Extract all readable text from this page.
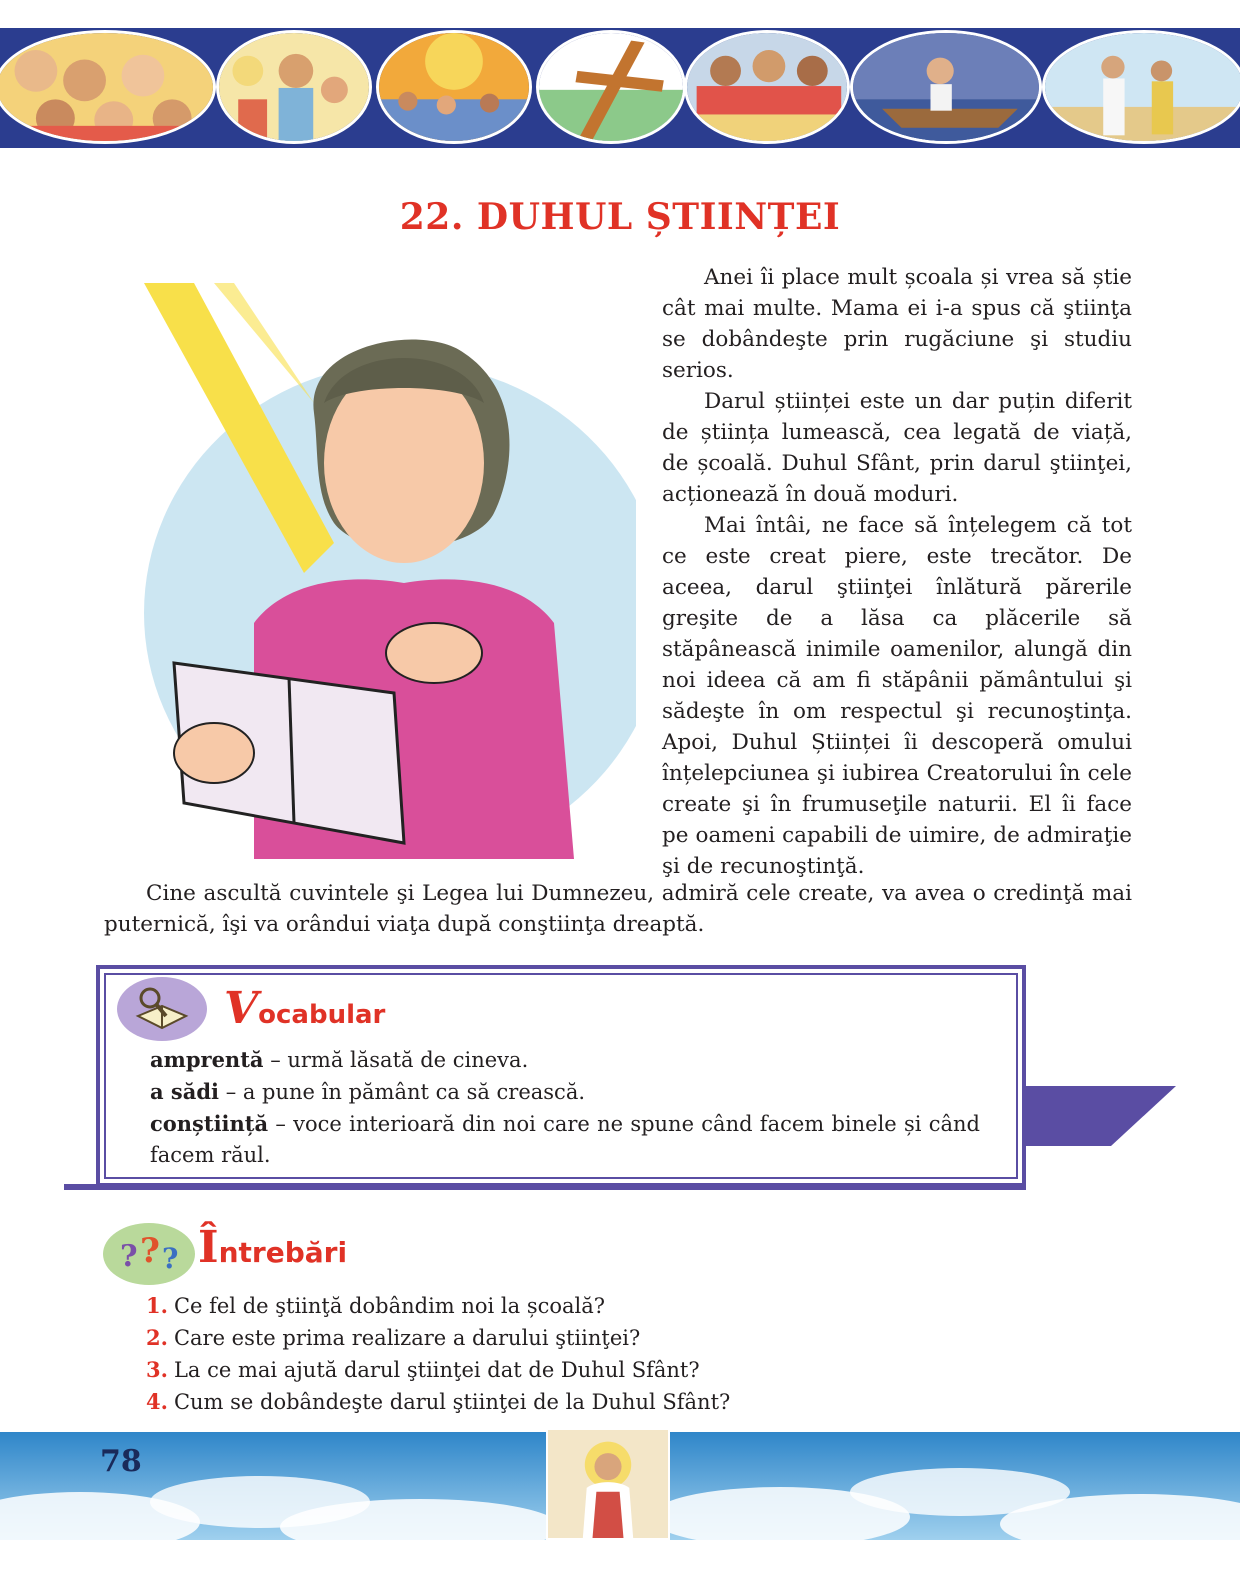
22. DUHUL ȘTIINȚEI

Anei îi place mult școala și vrea să știe cât mai multe. Mama ei i-a spus că ştiinţa se dobândeşte prin rugăciune şi studiu serios.

Darul științei este un dar puțin diferit de știința lumească, cea legată de viață, de școală. Duhul Sfânt, prin darul ştiinţei, acționează în două moduri.

Mai întâi, ne face să înțelegem că tot ce este creat piere, este trecător. De aceea, darul ştiinţei înlătură părerile greşite de a lăsa ca plăcerile să stăpânească inimile oamenilor, alungă din noi ideea că am fi stăpânii pământului şi sădeşte în om respectul şi recunoştinţa. Apoi, Duhul Științei îi descoperă omului înțelepciunea şi iubirea Creatorului în cele create şi în frumuseţile naturii. El îi face pe oameni capabili de uimire, de admiraţie şi de recunoştinţă.

Cine ascultă cuvintele şi Legea lui Dumnezeu, admiră cele create, va avea o credinţă mai puternică, îşi va orândui viaţa după conştiinţa dreaptă.

Vocabular
amprentă – urmă lăsată de cineva.
a sădi – a pune în pământ ca să crească.
conștiință – voce interioară din noi care ne spune când facem binele și când facem răul.
? ? ? Întrebări
1. Ce fel de ştiinţă dobândim noi la școală?
2. Care este prima realizare a darului ştiinţei?
3. La ce mai ajută darul ştiinţei dat de Duhul Sfânt?
4. Cum se dobândeşte darul ştiinţei de la Duhul Sfânt?
78
